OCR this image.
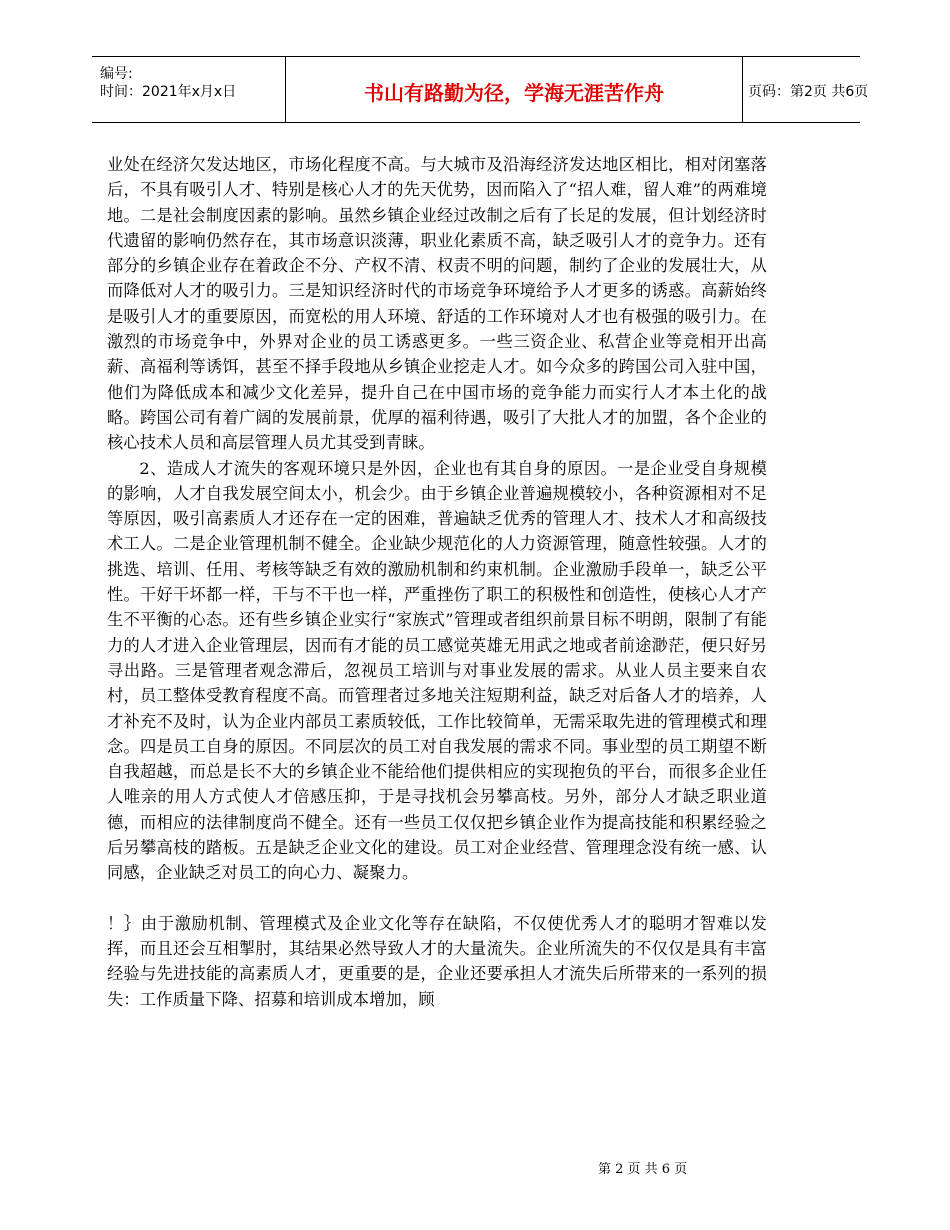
编号:
时间：2021年x月x日	书山有路勤为径，学海无涯苦作舟	页码：第2页 共6页

业处在经济欠发达地区，市场化程度不高。与大城市及沿海经济发达地区相比，相对闭塞落后，不具有吸引人才、特别是核心人才的先天优势，因而陷入了“招人难，留人难”的两难境地。二是社会制度因素的影响。虽然乡镇企业经过改制之后有了长足的发展，但计划经济时代遗留的影响仍然存在，其市场意识淡薄，职业化素质不高，缺乏吸引人才的竞争力。还有部分的乡镇企业存在着政企不分、产权不清、权责不明的问题，制约了企业的发展壮大，从而降低对人才的吸引力。三是知识经济时代的市场竞争环境给予人才更多的诱惑。高薪始终是吸引人才的重要原因，而宽松的用人环境、舒适的工作环境对人才也有极强的吸引力。在激烈的市场竞争中，外界对企业的员工诱惑更多。一些三资企业、私营企业等竞相开出高薪、高福利等诱饵，甚至不择手段地从乡镇企业挖走人才。如今众多的跨国公司入驻中国，他们为降低成本和减少文化差异，提升自己在中国市场的竞争能力而实行人才本土化的战略。跨国公司有着广阔的发展前景，优厚的福利待遇，吸引了大批人才的加盟，各个企业的核心技术人员和高层管理人员尤其受到青睐。

2、造成人才流失的客观环境只是外因，企业也有其自身的原因。一是企业受自身规模的影响，人才自我发展空间太小，机会少。由于乡镇企业普遍规模较小，各种资源相对不足等原因，吸引高素质人才还存在一定的困难，普遍缺乏优秀的管理人才、技术人才和高级技术工人。二是企业管理机制不健全。企业缺少规范化的人力资源管理，随意性较强。人才的挑选、培训、任用、考核等缺乏有效的激励机制和约束机制。企业激励手段单一，缺乏公平性。干好干坏都一样，干与不干也一样，严重挫伤了职工的积极性和创造性，使核心人才产生不平衡的心态。还有些乡镇企业实行“家族式”管理或者组织前景目标不明朗，限制了有能力的人才进入企业管理层，因而有才能的员工感觉英雄无用武之地或者前途渺茫，便只好另寻出路。三是管理者观念滞后，忽视员工培训与对事业发展的需求。从业人员主要来自农村，员工整体受教育程度不高。而管理者过多地关注短期利益，缺乏对后备人才的培养，人才补充不及时，认为企业内部员工素质较低，工作比较简单，无需采取先进的管理模式和理念。四是员工自身的原因。不同层次的员工对自我发展的需求不同。事业型的员工期望不断自我超越，而总是长不大的乡镇企业不能给他们提供相应的实现抱负的平台，而很多企业任人唯亲的用人方式使人才倍感压抑，于是寻找机会另攀高枝。另外，部分人才缺乏职业道德，而相应的法律制度尚不健全。还有一些员工仅仅把乡镇企业作为提高技能和积累经验之后另攀高枝的踏板。五是缺乏企业文化的建设。员工对企业经营、管理理念没有统一感、认同感，企业缺乏对员工的向心力、凝聚力。

！｝由于激励机制、管理模式及企业文化等存在缺陷，不仅使优秀人才的聪明才智难以发挥，而且还会互相掣肘，其结果必然导致人才的大量流失。企业所流失的不仅仅是具有丰富经验与先进技能的高素质人才，更重要的是，企业还要承担人才流失后所带来的一系列的损失：工作质量下降、招募和培训成本增加，顾

第 2 页 共 6 页
